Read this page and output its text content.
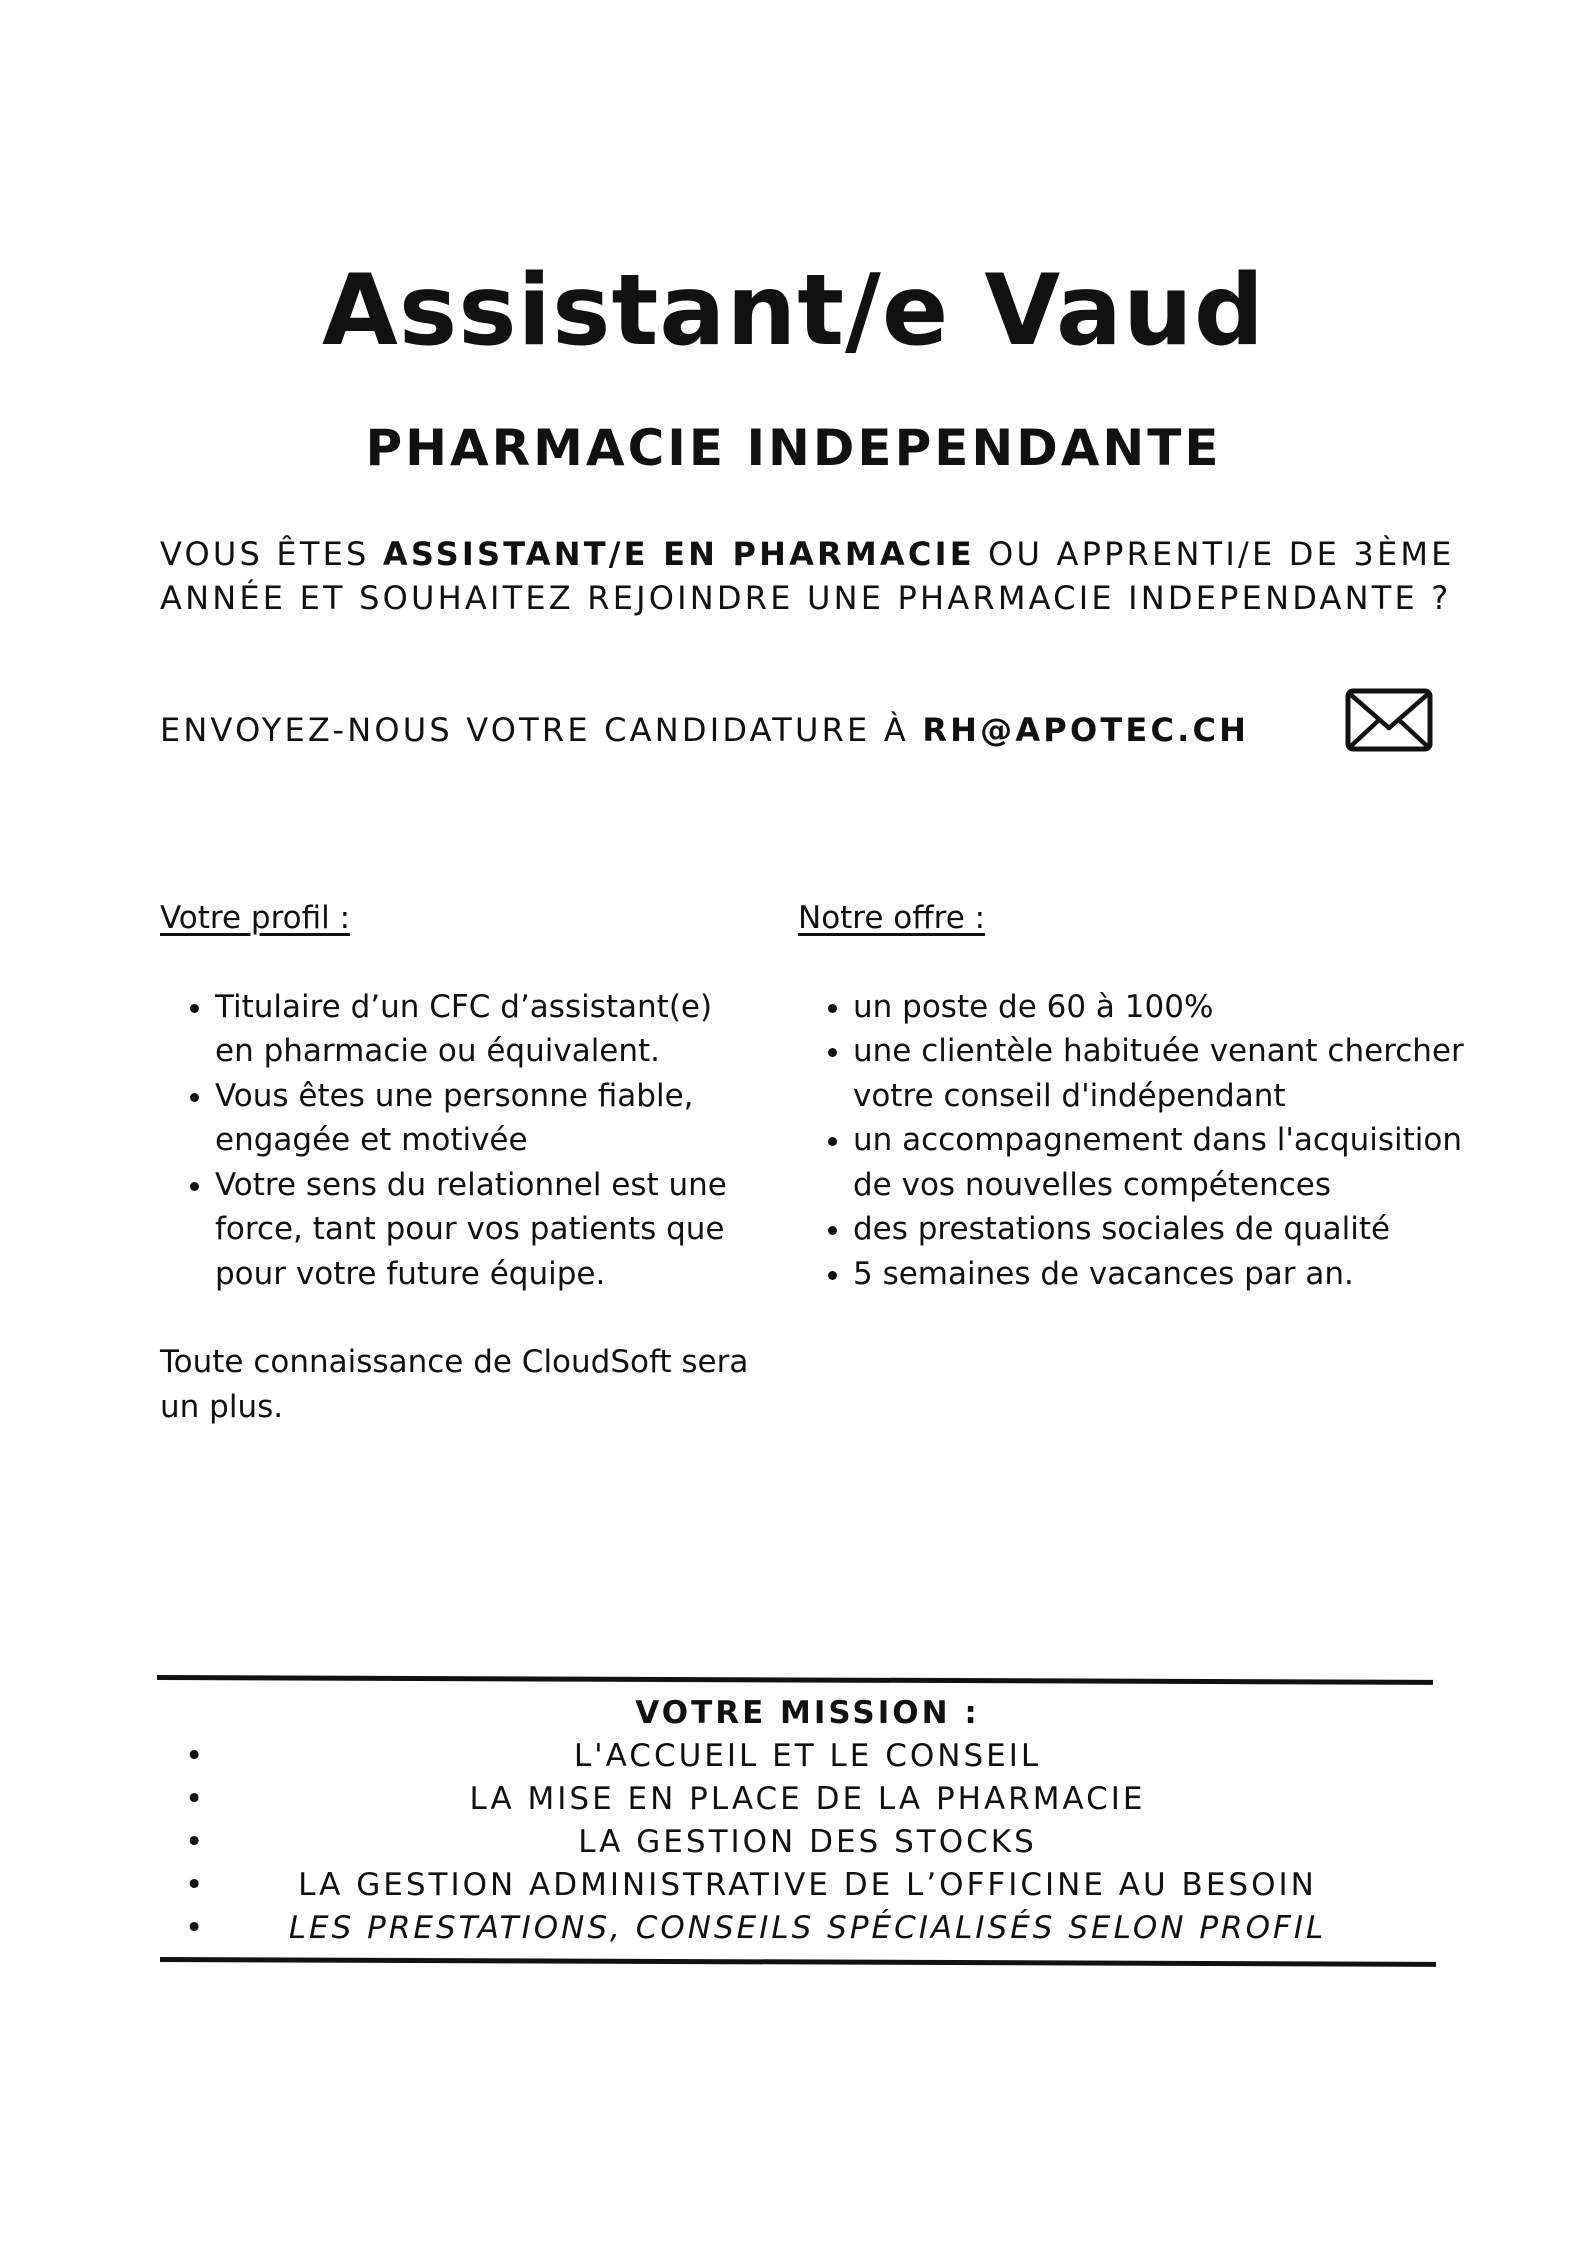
Assistant/e Vaud
PHARMACIE INDEPENDANTE
VOUS ÊTES ASSISTANT/E EN PHARMACIE OU APPRENTI/E DE 3ÈME ANNÉE ET SOUHAITEZ REJOINDRE UNE PHARMACIE INDEPENDANTE ?
ENVOYEZ-NOUS VOTRE CANDIDATURE À RH@APOTEC.CH

Votre profil :

• Titulaire d’un CFC d’assistant(e) en pharmacie ou équivalent.
• Vous êtes une personne fiable, engagée et motivée
• Votre sens du relationnel est une force, tant pour vos patients que pour votre future équipe.
Toute connaissance de CloudSoft sera un plus.

Notre offre :

• un poste de 60 à 100%
• une clientèle habituée venant chercher votre conseil d'indépendant
• un accompagnement dans l'acquisition de vos nouvelles compétences
• des prestations sociales de qualité
• 5 semaines de vacances par an.

VOTRE MISSION :

•	L'ACCUEIL ET LE CONSEIL
•	LA MISE EN PLACE DE LA PHARMACIE
•	LA GESTION DES STOCKS
•	LA GESTION ADMINISTRATIVE DE L’OFFICINE AU BESOIN
•	LES PRESTATIONS, CONSEILS SPÉCIALISÉS SELON PROFIL
